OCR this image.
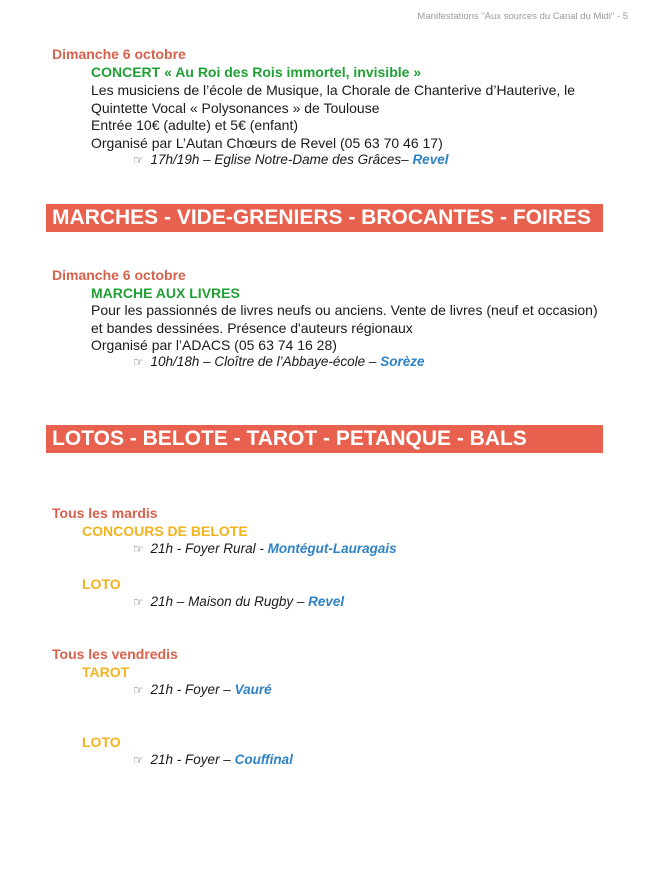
Manifestations "Aux sources du Canal du Midi" - 5
Dimanche 6 octobre
CONCERT « Au Roi des Rois immortel, invisible »
Les musiciens de l’école de Musique, la Chorale de Chanterive d’Hauterive, le
Quintette Vocal « Polysonances » de Toulouse
Entrée 10€ (adulte) et 5€ (enfant)
Organisé par L’Autan Chœurs de Revel (05 63 70 46 17)
☞ 17h/19h – Eglise Notre-Dame des Grâces– Revel
MARCHES - VIDE-GRENIERS - BROCANTES - FOIRES
Dimanche 6 octobre
MARCHE AUX LIVRES
Pour les passionnés de livres neufs ou anciens. Vente de livres (neuf et occasion)
et bandes dessinées. Présence d'auteurs régionaux
Organisé par l’ADACS (05 63 74 16 28)
☞ 10h/18h – Cloître de l’Abbaye-école – Sorèze
LOTOS - BELOTE - TAROT - PETANQUE - BALS
Tous les mardis
CONCOURS DE BELOTE
☞ 21h - Foyer Rural - Montégut-Lauragais
LOTO
☞ 21h – Maison du Rugby – Revel
Tous les vendredis
TAROT
☞ 21h - Foyer – Vauré
LOTO
☞ 21h - Foyer – Couffinal
